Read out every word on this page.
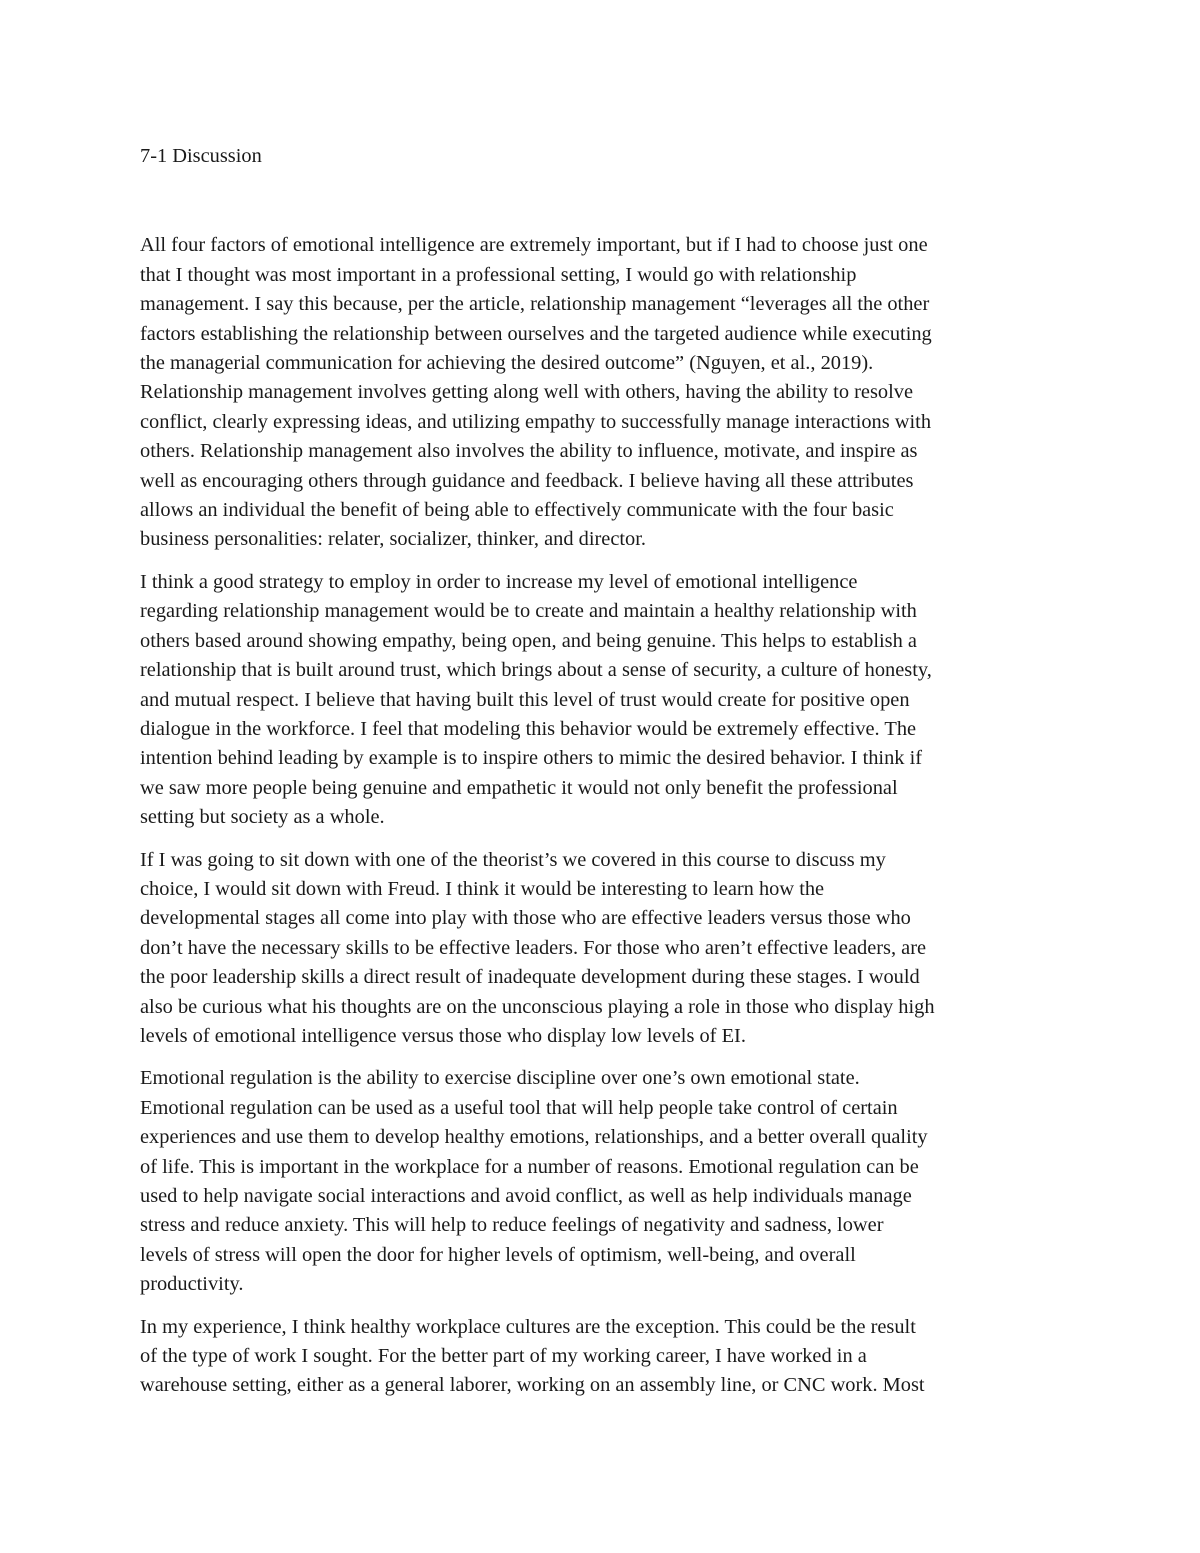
7-1 Discussion

All four factors of emotional intelligence are extremely important, but if I had to choose just one
that I thought was most important in a professional setting, I would go with relationship
management. I say this because, per the article, relationship management “leverages all the other
factors establishing the relationship between ourselves and the targeted audience while executing
the managerial communication for achieving the desired outcome” (Nguyen, et al., 2019).
Relationship management involves getting along well with others, having the ability to resolve
conflict, clearly expressing ideas, and utilizing empathy to successfully manage interactions with
others. Relationship management also involves the ability to influence, motivate, and inspire as
well as encouraging others through guidance and feedback. I believe having all these attributes
allows an individual the benefit of being able to effectively communicate with the four basic
business personalities: relater, socializer, thinker, and director.

I think a good strategy to employ in order to increase my level of emotional intelligence
regarding relationship management would be to create and maintain a healthy relationship with
others based around showing empathy, being open, and being genuine. This helps to establish a
relationship that is built around trust, which brings about a sense of security, a culture of honesty,
and mutual respect. I believe that having built this level of trust would create for positive open
dialogue in the workforce. I feel that modeling this behavior would be extremely effective. The
intention behind leading by example is to inspire others to mimic the desired behavior. I think if
we saw more people being genuine and empathetic it would not only benefit the professional
setting but society as a whole.

If I was going to sit down with one of the theorist’s we covered in this course to discuss my
choice, I would sit down with Freud. I think it would be interesting to learn how the
developmental stages all come into play with those who are effective leaders versus those who
don’t have the necessary skills to be effective leaders. For those who aren’t effective leaders, are
the poor leadership skills a direct result of inadequate development during these stages. I would
also be curious what his thoughts are on the unconscious playing a role in those who display high
levels of emotional intelligence versus those who display low levels of EI.

Emotional regulation is the ability to exercise discipline over one’s own emotional state.
Emotional regulation can be used as a useful tool that will help people take control of certain
experiences and use them to develop healthy emotions, relationships, and a better overall quality
of life. This is important in the workplace for a number of reasons. Emotional regulation can be
used to help navigate social interactions and avoid conflict, as well as help individuals manage
stress and reduce anxiety. This will help to reduce feelings of negativity and sadness, lower
levels of stress will open the door for higher levels of optimism, well-being, and overall
productivity.

In my experience, I think healthy workplace cultures are the exception. This could be the result
of the type of work I sought. For the better part of my working career, I have worked in a
warehouse setting, either as a general laborer, working on an assembly line, or CNC work. Most
